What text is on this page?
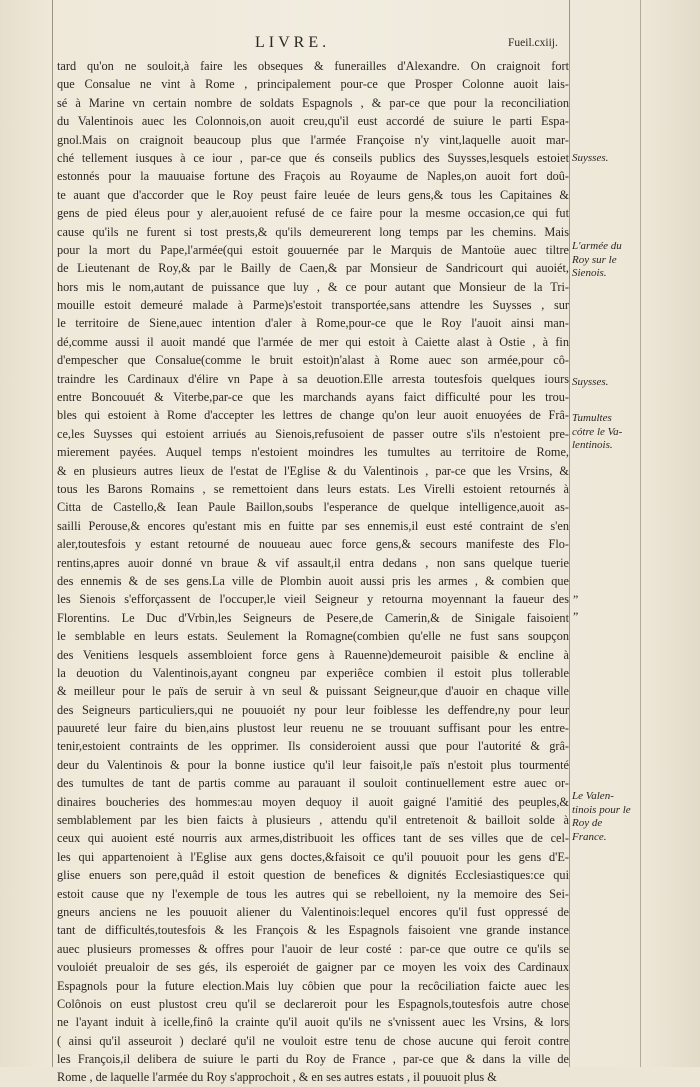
LIVRE.	Fueil.cxiij.
tard qu'on ne souloit,à faire les obseques & funerailles d'Alexandre. On craignoit fort
que Consalue ne vint à Rome , principalement pour-ce que Prosper Colonne auoit lais-
sé à Marine vn certain nombre de soldats Espagnols , & par-ce que pour la reconciliation
du Valentinois auec les Colonnois,on auoit creu,qu'il eust accordé de suiure le parti Espa-
gnol.Mais on craignoit beaucoup plus que l'armée Françoise n'y vint,laquelle auoit mar-
ché tellement iusques à ce iour , par-ce que és conseils publics des Suysses,lesquels estoiet
estonnés pour la mauuaise fortune des Fraçois au Royaume de Naples,on auoit fort doû-
te auant que d'accorder que le Roy peust faire leuée de leurs gens,& tous les Capitaines &
gens de pied éleus pour y aler,auoient refusé de ce faire pour la mesme occasion,ce qui fut
cause qu'ils ne furent si tost prests,& qu'ils demeurerent long temps par les chemins. Mais
pour la mort du Pape,l'armée(qui estoit gouuernée par le Marquis de Mantoüe auec tiltre
de Lieutenant de Roy,& par le Bailly de Caen,& par Monsieur de Sandricourt qui auoiét,
hors mis le nom,autant de puissance que luy , & ce pour autant que Monsieur de la Tri-
mouille estoit demeuré malade à Parme)s'estoit transportée,sans attendre les Suysses , sur
le territoire de Siene,auec intention d'aler à Rome,pour-ce que le Roy l'auoit ainsi man-
dé,comme aussi il auoit mandé que l'armée de mer qui estoit à Caiette alast à Ostie , à fin
d'empescher que Consalue(comme le bruit estoit)n'alast à Rome auec son armée,pour cô-
traindre les Cardinaux d'élire vn Pape à sa deuotion.Elle arresta toutesfois quelques iours
entre Boncouuét & Viterbe,par-ce que les marchands ayans faict difficulté pour les trou-
bles qui estoient à Rome d'accepter les lettres de change qu'on leur auoit enuoyées de Frâ-
ce,les Suysses qui estoient arriués au Sienois,refusoient de passer outre s'ils n'estoient pre-
mierement payées. Auquel temps n'estoient moindres les tumultes au territoire de Rome,
& en plusieurs autres lieux de l'estat de l'Eglise & du Valentinois , par-ce que les Vrsins, &
tous les Barons Romains , se remettoient dans leurs estats. Les Virelli estoient retournés à
Citta de Castello,& Iean Paule Baillon,soubs l'esperance de quelque intelligence,auoit as-
sailli Perouse,& encores qu'estant mis en fuitte par ses ennemis,il eust esté contraint de s'en
aler,toutesfois y estant retourné de nouueau auec force gens,& secours manifeste des Flo-
rentins,apres auoir donné vn braue & vif assault,il entra dedans , non sans quelque tuerie
des ennemis & de ses gens.La ville de Plombin auoit aussi pris les armes , & combien que
les Sienois s'efforçassent de l'occuper,le vieil Seigneur y retourna moyennant la faueur des
Florentins. Le Duc d'Vrbin,les Seigneurs de Pesere,de Camerin,& de Sinigale faisoient
le semblable en leurs estats. Seulement la Romagne(combien qu'elle ne fust sans soupçon
des Venitiens lesquels assembloient force gens à Rauenne)demeuroit paisible & encline à
la deuotion du Valentinois,ayant congneu par experiêce combien il estoit plus tollerable
& meilleur pour le païs de seruir à vn seul & puissant Seigneur,que d'auoir en chaque ville
des Seigneurs particuliers,qui ne pouuoiét ny pour leur foiblesse les deffendre,ny pour leur
pauureté leur faire du bien,ains plustost leur reuenu ne se trouuant suffisant pour les entre-
tenir,estoient contraints de les opprimer. Ils consideroient aussi que pour l'autorité & grâ-
deur du Valentinois & pour la bonne iustice qu'il leur faisoit,le païs n'estoit plus tourmenté
des tumultes de tant de partis comme au parauant il souloit continuellement estre auec or-
dinaires boucheries des hommes:au moyen dequoy il auoit gaigné l'amitié des peuples,&
semblablement par les bien faicts à plusieurs , attendu qu'il entretenoit & bailloit solde à
ceux qui auoient esté nourris aux armes,distribuoit les offices tant de ses villes que de cel-
les qui appartenoient à l'Eglise aux gens doctes,&faisoit ce qu'il pouuoit pour les gens d'E-
glise enuers son pere,quâd il estoit question de benefices & dignités Ecclesiastiques:ce qui
estoit cause que ny l'exemple de tous les autres qui se rebelloient, ny la memoire des Sei-
gneurs anciens ne les pouuoit aliener du Valentinois:lequel encores qu'il fust oppressé de
tant de difficultés,toutesfois & les François & les Espagnols faisoient vne grande instance
auec plusieurs promesses & offres pour l'auoir de leur costé : par-ce que outre ce qu'ils se
vouloiét preualoir de ses gés, ils esperoiét de gaigner par ce moyen les voix des Cardinaux
Espagnols pour la future election.Mais luy côbien que pour la recôciliation faicte auec les
Colônois on eust plustost creu qu'il se declareroit pour les Espagnols,toutesfois autre chose
ne l'ayant induit à icelle,finô la crainte qu'il auoit qu'ils ne s'vnissent auec les Vrsins, & lors
( ainsi qu'il asseuroit ) declaré qu'il ne vouloit estre tenu de chose aucune qui feroit contre
les François,il delibera de suiure le parti du Roy de France , par-ce que & dans la ville de
Rome , de laquelle l'armée du Roy s'approchoit , & en ses autres estats , il pouuoit plus &
Suysses.
L'armée du Roy sur le Sienois.
Suysses.
Tumultes cótre le Va- lentinois.
”
”
Le Valen- tinois pour le Roy de France.
